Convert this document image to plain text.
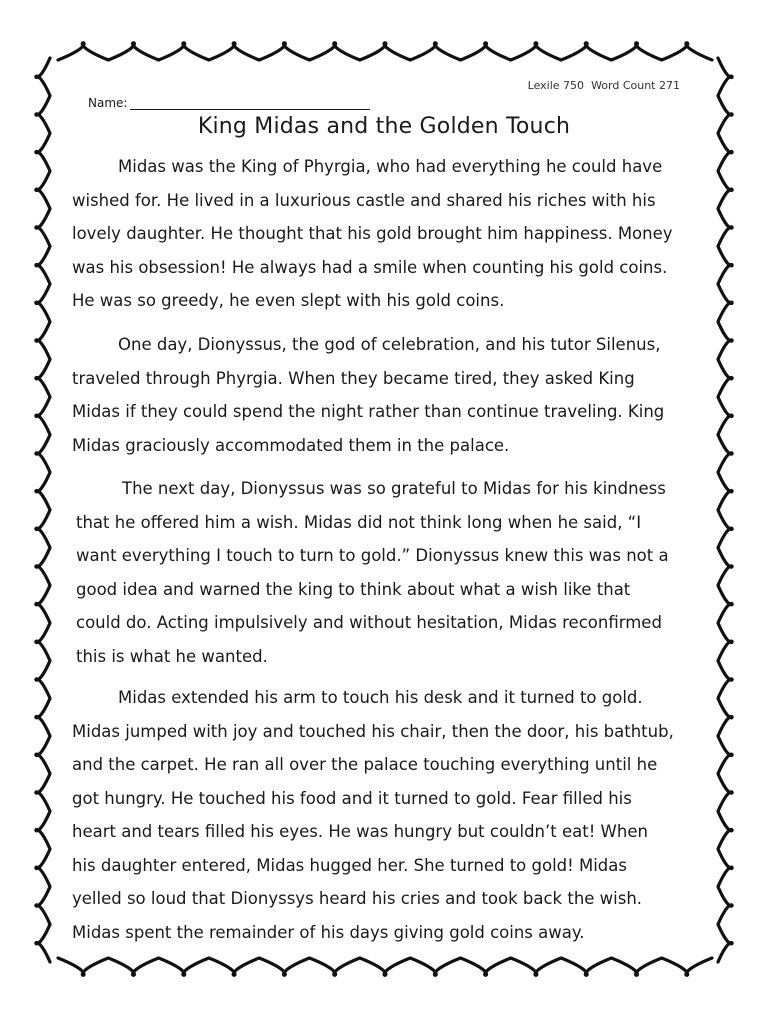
Lexile 750 Word Count 271
Name:
King Midas and the Golden Touch
Midas was the King of Phyrgia, who had everything he could have
wished for. He lived in a luxurious castle and shared his riches with his
lovely daughter. He thought that his gold brought him happiness. Money
was his obsession! He always had a smile when counting his gold coins.
He was so greedy, he even slept with his gold coins.
One day, Dionyssus, the god of celebration, and his tutor Silenus,
traveled through Phyrgia. When they became tired, they asked King
Midas if they could spend the night rather than continue traveling. King
Midas graciously accommodated them in the palace.
The next day, Dionyssus was so grateful to Midas for his kindness
that he offered him a wish. Midas did not think long when he said, “I
want everything I touch to turn to gold.” Dionyssus knew this was not a
good idea and warned the king to think about what a wish like that
could do. Acting impulsively and without hesitation, Midas reconfirmed
this is what he wanted.
Midas extended his arm to touch his desk and it turned to gold.
Midas jumped with joy and touched his chair, then the door, his bathtub,
and the carpet. He ran all over the palace touching everything until he
got hungry. He touched his food and it turned to gold. Fear filled his
heart and tears filled his eyes. He was hungry but couldn’t eat! When
his daughter entered, Midas hugged her. She turned to gold! Midas
yelled so loud that Dionyssys heard his cries and took back the wish.
Midas spent the remainder of his days giving gold coins away.
